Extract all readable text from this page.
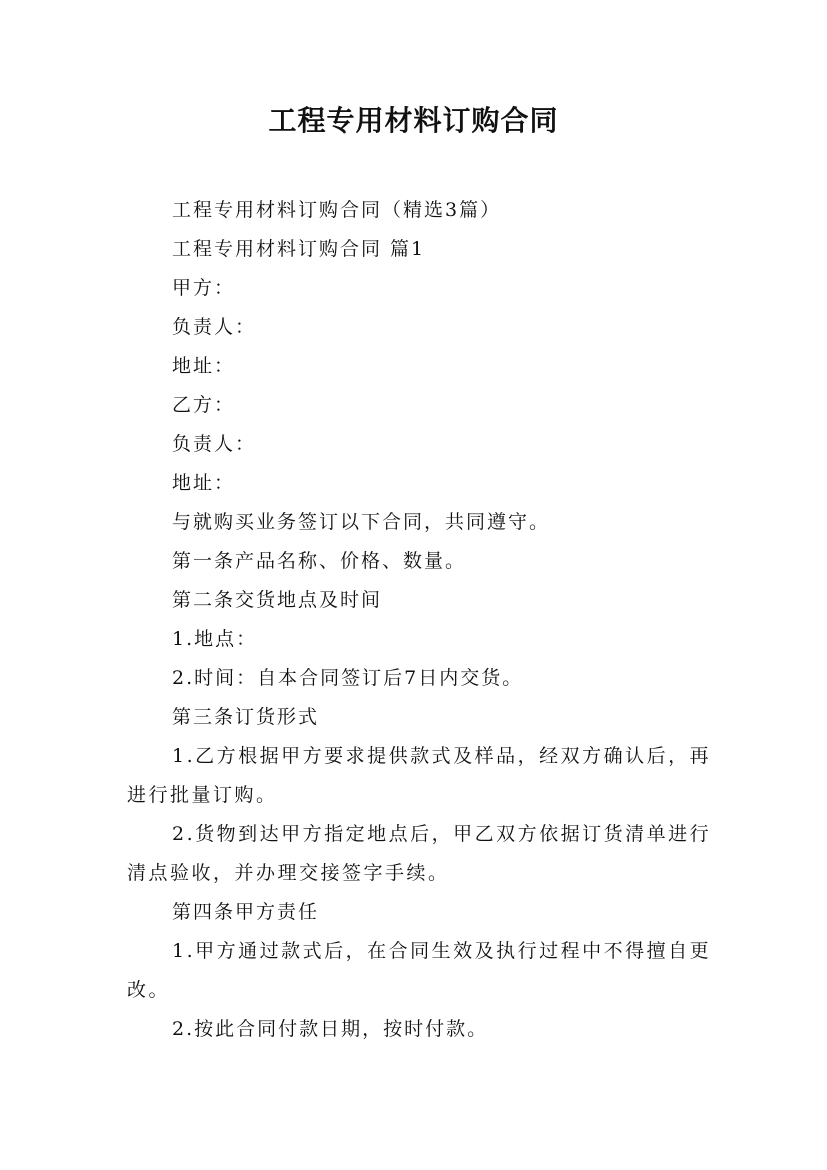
工程专用材料订购合同
工程专用材料订购合同（精选3篇）
工程专用材料订购合同 篇1
甲方：
负责人：
地址：
乙方：
负责人：
地址：
与就购买业务签订以下合同，共同遵守。
第一条产品名称、价格、数量。
第二条交货地点及时间
1.地点：
2.时间：自本合同签订后7日内交货。
第三条订货形式
1.乙方根据甲方要求提供款式及样品，经双方确认后，再进行批量订购。
2.货物到达甲方指定地点后，甲乙双方依据订货清单进行清点验收，并办理交接签字手续。
第四条甲方责任
1.甲方通过款式后，在合同生效及执行过程中不得擅自更改。
2.按此合同付款日期，按时付款。
